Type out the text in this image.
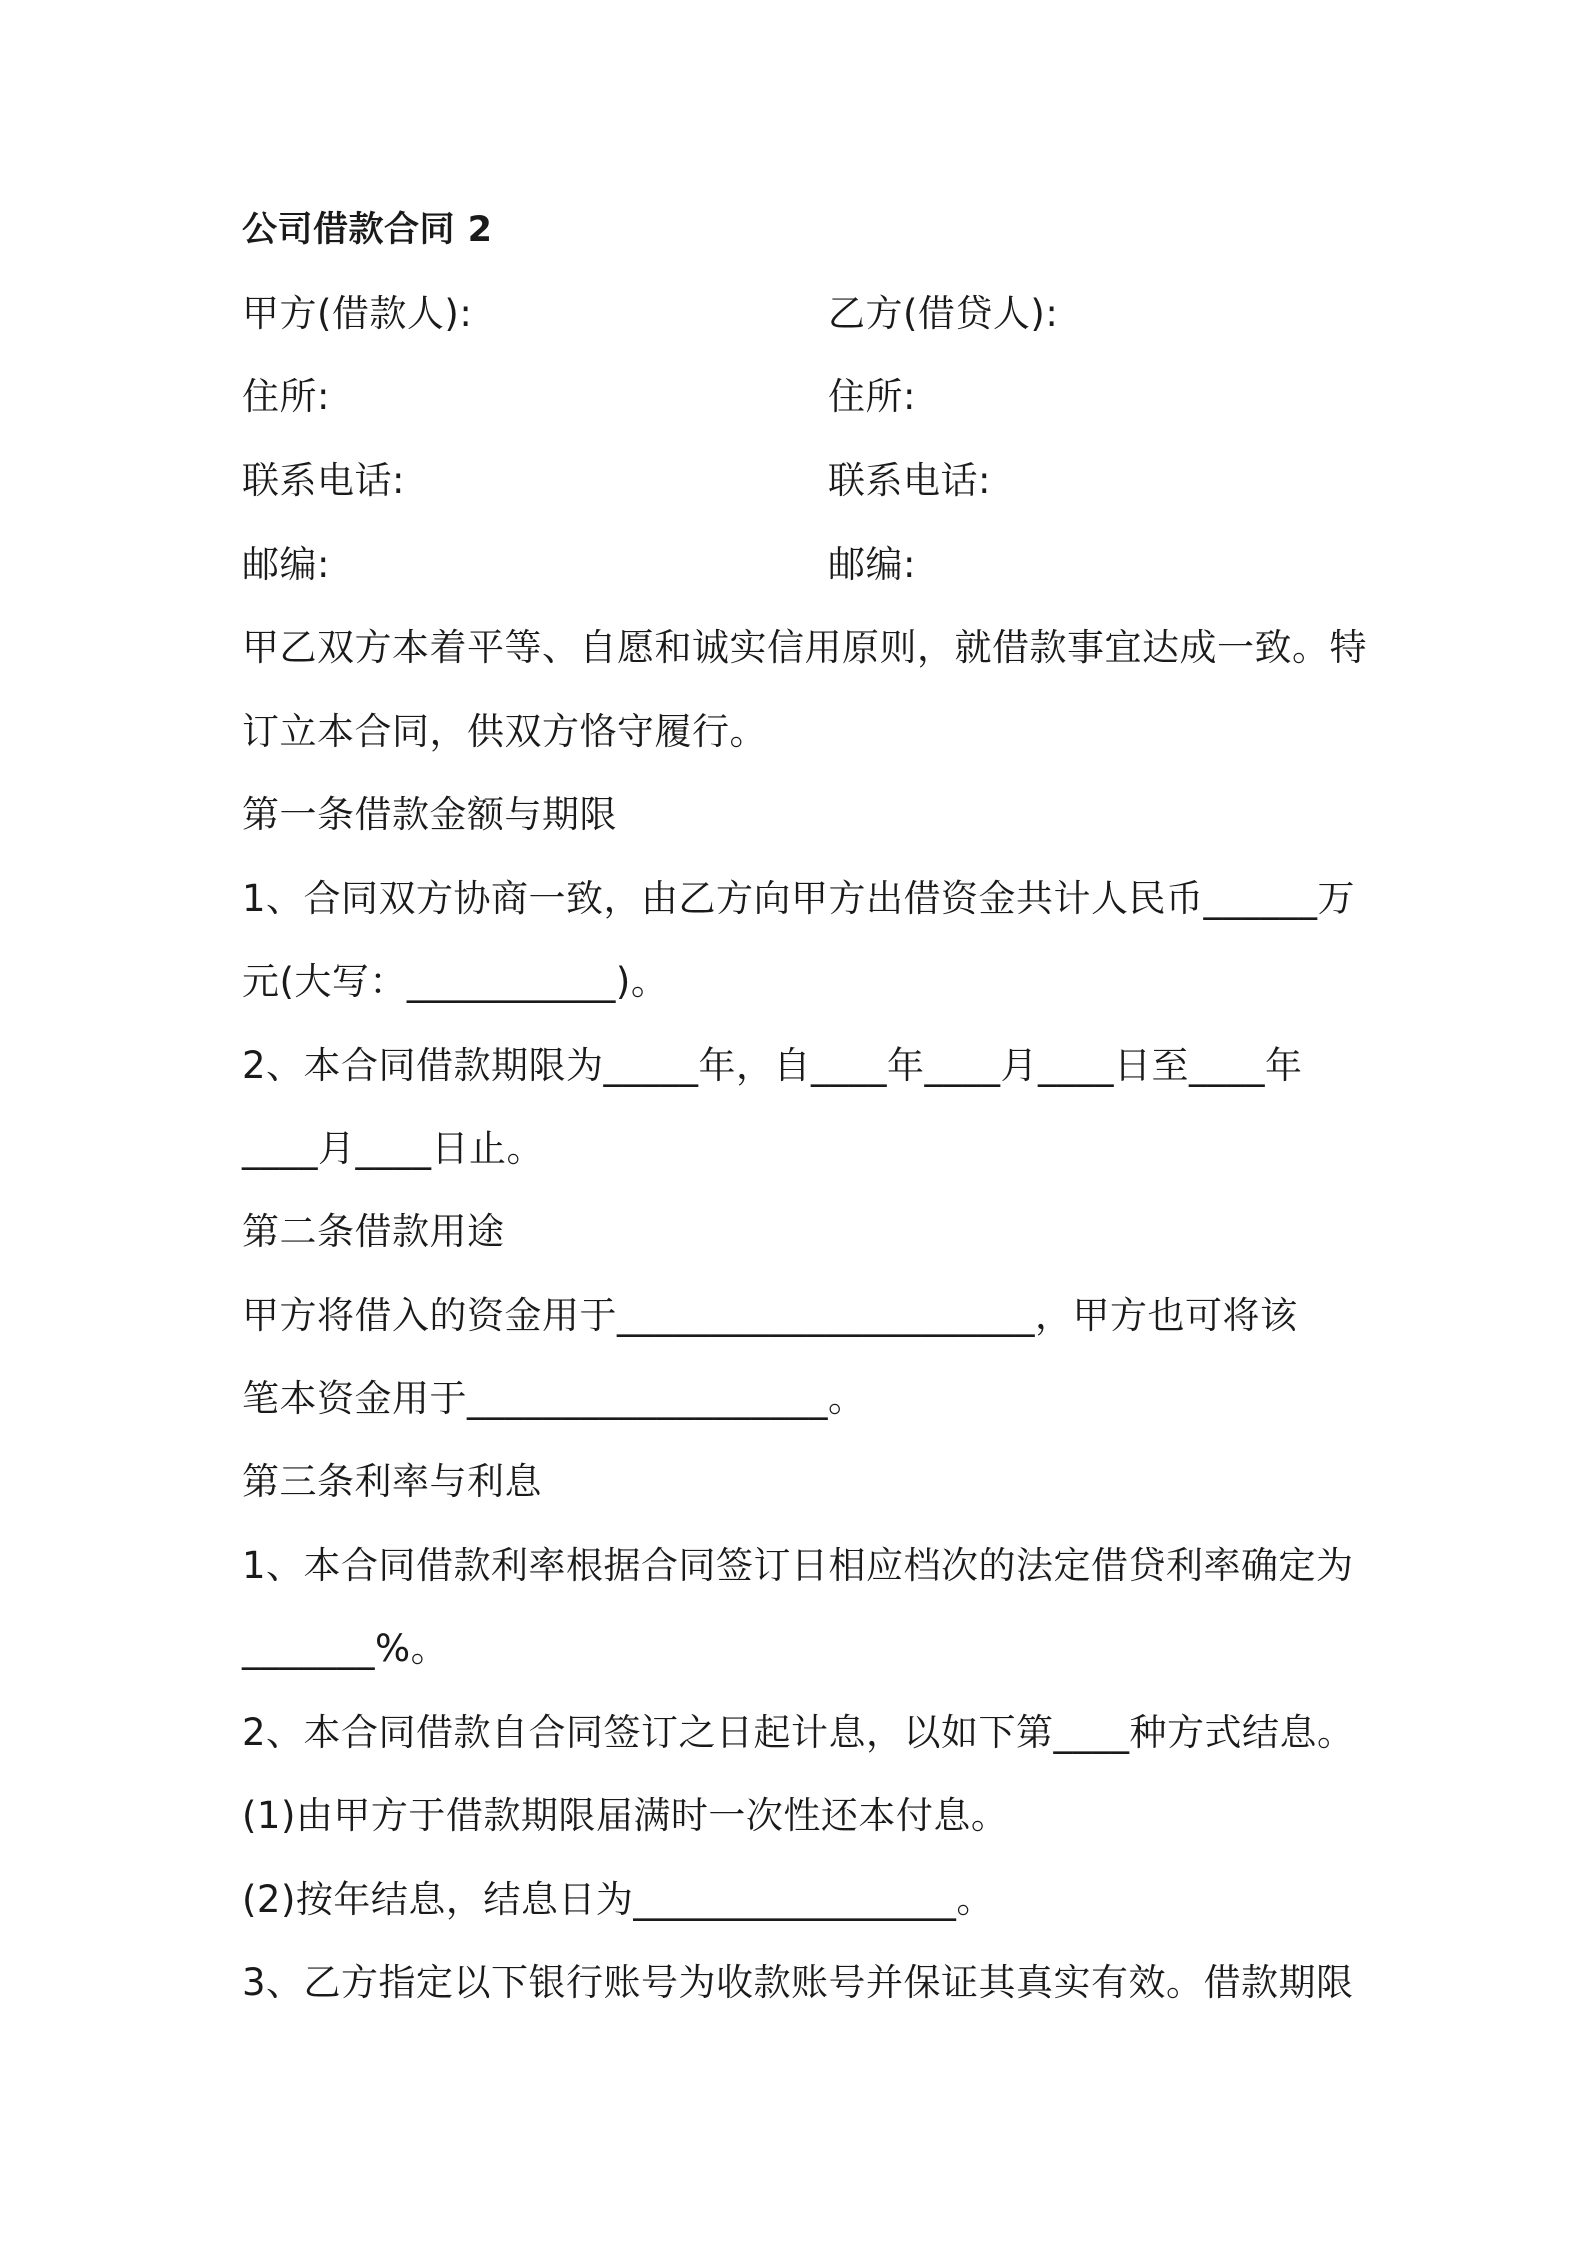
公司借款合同 2
甲方(借款人):	乙方(借贷人):
住所:	住所:
联系电话:	联系电话:
邮编:	邮编:
甲乙双方本着平等、自愿和诚实信用原则，就借款事宜达成一致。特
订立本合同，供双方恪守履行。
第一条借款金额与期限
1、合同双方协商一致，由乙方向甲方出借资金共计人民币______万
元(大写：___________)。
2、本合同借款期限为_____年，自____年____月____日至____年
____月____日止。
第二条借款用途
甲方将借入的资金用于______________________，甲方也可将该
笔本资金用于___________________。
第三条利率与利息
1、本合同借款利率根据合同签订日相应档次的法定借贷利率确定为
_______%。
2、本合同借款自合同签订之日起计息，以如下第____种方式结息。
(1)由甲方于借款期限届满时一次性还本付息。
(2)按年结息，结息日为_________________。
3、乙方指定以下银行账号为收款账号并保证其真实有效。借款期限
